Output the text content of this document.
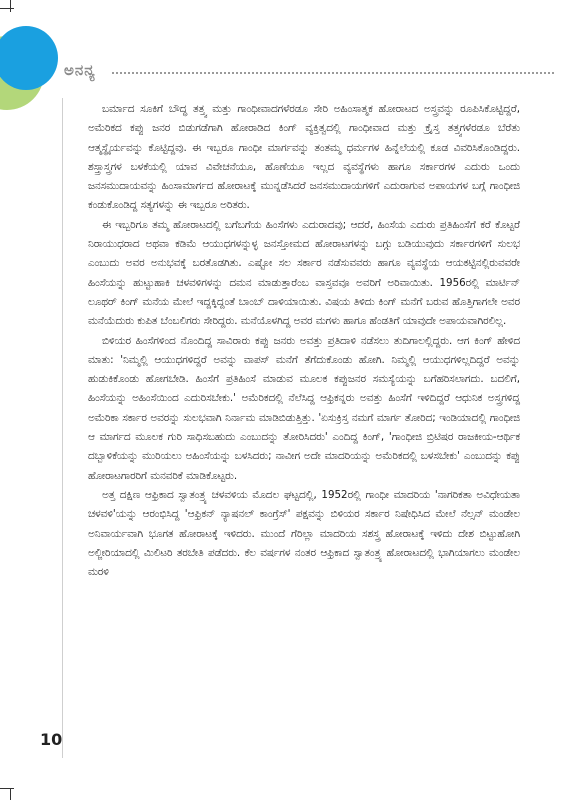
ಅನನ್ಯ

ಬರ್ಮಾದ ಸೂಕಿಗೆ ಬೌದ್ಧ ತತ್ತ್ವ ಮತ್ತು ಗಾಂಧೀವಾದಗಳೆರಡೂ ಸೇರಿ ಅಹಿಂಸಾತ್ಮಕ ಹೋರಾಟದ ಅಸ್ತ್ರವನ್ನು ರೂಪಿಸಿಕೊಟ್ಟಿದ್ದರೆ, ಅಮೆರಿಕದ ಕಪ್ಪು ಜನರ ಬಿಡುಗಡೆಗಾಗಿ ಹೋರಾಡಿದ ಕಿಂಗ್ ವ್ಯಕ್ತಿತ್ವದಲ್ಲಿ ಗಾಂಧೀವಾದ ಮತ್ತು ಕ್ರೈಸ್ತ ತತ್ತ್ವಗಳೆರಡೂ ಬೆರೆತು ಆತ್ಮಸ್ಥೈರ್ಯವನ್ನು ಕೊಟ್ಟಿದ್ದವು. ಈ ಇಬ್ಬರೂ ಗಾಂಧೀ ಮಾರ್ಗವನ್ನು ತಂತಮ್ಮ ಧರ್ಮಗಳ ಹಿನ್ನೆಲೆಯಲ್ಲಿ ಕೂಡ ವಿವರಿಸಿಕೊಂಡಿದ್ದರು. ಶಸ್ತ್ರಾಸ್ತ್ರಗಳ ಬಳಕೆಯಲ್ಲಿ ಯಾವ ವಿವೇಚನೆಯೂ, ಹೊಣೆಯೂ ಇಲ್ಲದ ವ್ಯವಸ್ಥೆಗಳು ಹಾಗೂ ಸರ್ಕಾರಗಳ ಎದುರು ಒಂದು ಜನಸಮುದಾಯವನ್ನು ಹಿಂಸಾಮಾರ್ಗದ ಹೋರಾಟಕ್ಕೆ ಮುನ್ನಡೆಸಿದರೆ ಜನಸಮುದಾಯಗಳಿಗೆ ಎದುರಾಗುವ ಅಪಾಯಗಳ ಬಗ್ಗೆ ಗಾಂಧೀಜಿ ಕಂಡುಕೊಂಡಿದ್ದ ಸತ್ಯಗಳನ್ನು ಈ ಇಬ್ಬರೂ ಅರಿತರು.

ಈ ಇಬ್ಬರಿಗೂ ತಮ್ಮ ಹೋರಾಟದಲ್ಲಿ ಬಗೆಬಗೆಯ ಹಿಂಸೆಗಳು ಎದುರಾದವು; ಆದರೆ, ಹಿಂಸೆಯ ಎದುರು ಪ್ರತಿಹಿಂಸೆಗೆ ಕರೆ ಕೊಟ್ಟರೆ ನಿರಾಯುಧರಾದ ಅಥವಾ ಕಡಿಮೆ ಆಯುಧಗಳನ್ನುಳ್ಳ ಜನಸ್ತೋಮದ ಹೋರಾಟಗಳನ್ನು ಬಗ್ಗು ಬಡಿಯುವುದು ಸರ್ಕಾರಗಳಿಗೆ ಸುಲಭ ಎಂಬುದು ಅವರ ಅನುಭವಕ್ಕೆ ಬರತೊಡಗಿತು. ಎಷ್ಟೋ ಸಲ ಸರ್ಕಾರ ನಡೆಸುವವರು ಹಾಗೂ ವ್ಯವಸ್ಥೆಯ ಆಯಕಟ್ಟಿನಲ್ಲಿರುವವರೇ ಹಿಂಸೆಯನ್ನು ಹುಟ್ಟುಹಾಕಿ ಚಳವಳಿಗಳನ್ನು ದಮನ ಮಾಡುತ್ತಾರೆಂಬ ವಾಸ್ತವವೂ ಅವರಿಗೆ ಅರಿವಾಯಿತು. 1956ರಲ್ಲಿ ಮಾರ್ಟಿನ್ ಲೂಥರ್ ಕಿಂಗ್ ಮನೆಯ ಮೇಲೆ ಇದ್ದಕ್ಕಿದ್ದಂತೆ ಬಾಂಬ್ ದಾಳಿಯಾಯಿತು. ವಿಷಯ ತಿಳಿದು ಕಿಂಗ್ ಮನೆಗೆ ಬರುವ ಹೊತ್ತಿಗಾಗಲೇ ಅವರ ಮನೆಯೆದುರು ಕುಪಿತ ಬೆಂಬಲಿಗರು ಸೇರಿದ್ದರು. ಮನೆಯೊಳಗಿದ್ದ ಅವರ ಮಗಳು ಹಾಗೂ ಹೆಂಡತಿಗೆ ಯಾವುದೇ ಅಪಾಯವಾಗಿರಲಿಲ್ಲ.

ಬಿಳಿಯರ ಹಿಂಸೆಗಳಿಂದ ನೊಂದಿದ್ದ ಸಾವಿರಾರು ಕಪ್ಪು ಜನರು ಅವತ್ತು ಪ್ರತಿದಾಳಿ ನಡೆಸಲು ತುದಿಗಾಲಲ್ಲಿದ್ದರು. ಆಗ ಕಿಂಗ್ ಹೇಳಿದ ಮಾತು: 'ನಿಮ್ಮಲ್ಲಿ ಆಯುಧಗಳಿದ್ದರೆ ಅವನ್ನು ವಾಪಸ್ ಮನೆಗೆ ತೆಗೆದುಕೊಂಡು ಹೋಗಿ. ನಿಮ್ಮಲ್ಲಿ ಆಯುಧಗಳಿಲ್ಲದಿದ್ದರೆ ಅವನ್ನು ಹುಡುಕಿಕೊಂಡು ಹೋಗಬೇಡಿ. ಹಿಂಸೆಗೆ ಪ್ರತಿಹಿಂಸೆ ಮಾಡುವ ಮೂಲಕ ಕಪ್ಪುಜನರ ಸಮಸ್ಯೆಯನ್ನು ಬಗೆಹರಿಸಲಾಗದು. ಬದಲಿಗೆ, ಹಿಂಸೆಯನ್ನು ಅಹಿಂಸೆಯಿಂದ ಎದುರಿಸಬೇಕು.' ಅಮೆರಿಕದಲ್ಲಿ ನೆಲೆಸಿದ್ದ ಆಫ್ರಿಕನ್ನರು ಅವತ್ತು ಹಿಂಸೆಗೆ ಇಳಿದಿದ್ದರೆ ಆಧುನಿಕ ಅಸ್ತ್ರಗಳಿದ್ದ ಅಮೆರಿಕಾ ಸರ್ಕಾರ ಅವರನ್ನು ಸುಲಭವಾಗಿ ನಿರ್ನಾಮ ಮಾಡಿಬಿಡುತ್ತಿತ್ತು. 'ಏಸುಕ್ರಿಸ್ತ ನಮಗೆ ಮಾರ್ಗ ತೋರಿದ; ಇಂಡಿಯಾದಲ್ಲಿ ಗಾಂಧೀಜಿ ಆ ಮಾರ್ಗದ ಮೂಲಕ ಗುರಿ ಸಾಧಿಸಬಹುದು ಎಂಬುದನ್ನು ತೋರಿಸಿದರು' ಎಂದಿದ್ದ ಕಿಂಗ್, 'ಗಾಂಧೀಜಿ ಬ್ರಿಟಿಷರ ರಾಜಕೀಯ-ಆರ್ಥಿಕ ದಬ್ಬಾಳಿಕೆಯನ್ನು ಮುರಿಯಲು ಅಹಿಂಸೆಯನ್ನು ಬಳಸಿದರು; ನಾವೀಗ ಅದೇ ಮಾದರಿಯನ್ನು ಅಮೆರಿಕದಲ್ಲಿ ಬಳಸಬೇಕು' ಎಂಬುದನ್ನು ಕಪ್ಪು ಹೋರಾಟಗಾರರಿಗೆ ಮನವರಿಕೆ ಮಾಡಿಕೊಟ್ಟರು.

ಅತ್ತ ದಕ್ಷಿಣ ಆಫ್ರಿಕಾದ ಸ್ವಾತಂತ್ರ್ಯ ಚಳವಳಿಯ ಮೊದಲ ಘಟ್ಟದಲ್ಲಿ, 1952ರಲ್ಲಿ ಗಾಂಧೀ ಮಾದರಿಯ 'ನಾಗರಿಕತಾ ಅವಿಧೇಯತಾ ಚಳವಳಿ'ಯನ್ನು ಆರಂಭಿಸಿದ್ದ 'ಆಫ್ರಿಕನ್ ನ್ಯಾಷನಲ್ ಕಾಂಗ್ರೆಸ್' ಪಕ್ಷವನ್ನು ಬಿಳಿಯರ ಸರ್ಕಾರ ನಿಷೇಧಿಸಿದ ಮೇಲೆ ನೆಲ್ಸನ್ ಮಂಡೇಲ ಅನಿವಾರ್ಯವಾಗಿ ಭೂಗತ ಹೋರಾಟಕ್ಕೆ ಇಳಿದರು. ಮುಂದೆ ಗೆರಿಲ್ಲಾ ಮಾದರಿಯ ಸಶಸ್ತ್ರ ಹೋರಾಟಕ್ಕೆ ಇಳಿದು ದೇಶ ಬಿಟ್ಟುಹೋಗಿ ಅಲ್ಜೀರಿಯಾದಲ್ಲಿ ಮಿಲಿಟರಿ ತರಬೇತಿ ಪಡೆದರು. ಕೆಲ ವರ್ಷಗಳ ನಂತರ ಆಫ್ರಿಕಾದ ಸ್ವಾತಂತ್ರ್ಯ ಹೋರಾಟದಲ್ಲಿ ಭಾಗಿಯಾಗಲು ಮಂಡೇಲ ಮರಳಿ

10
